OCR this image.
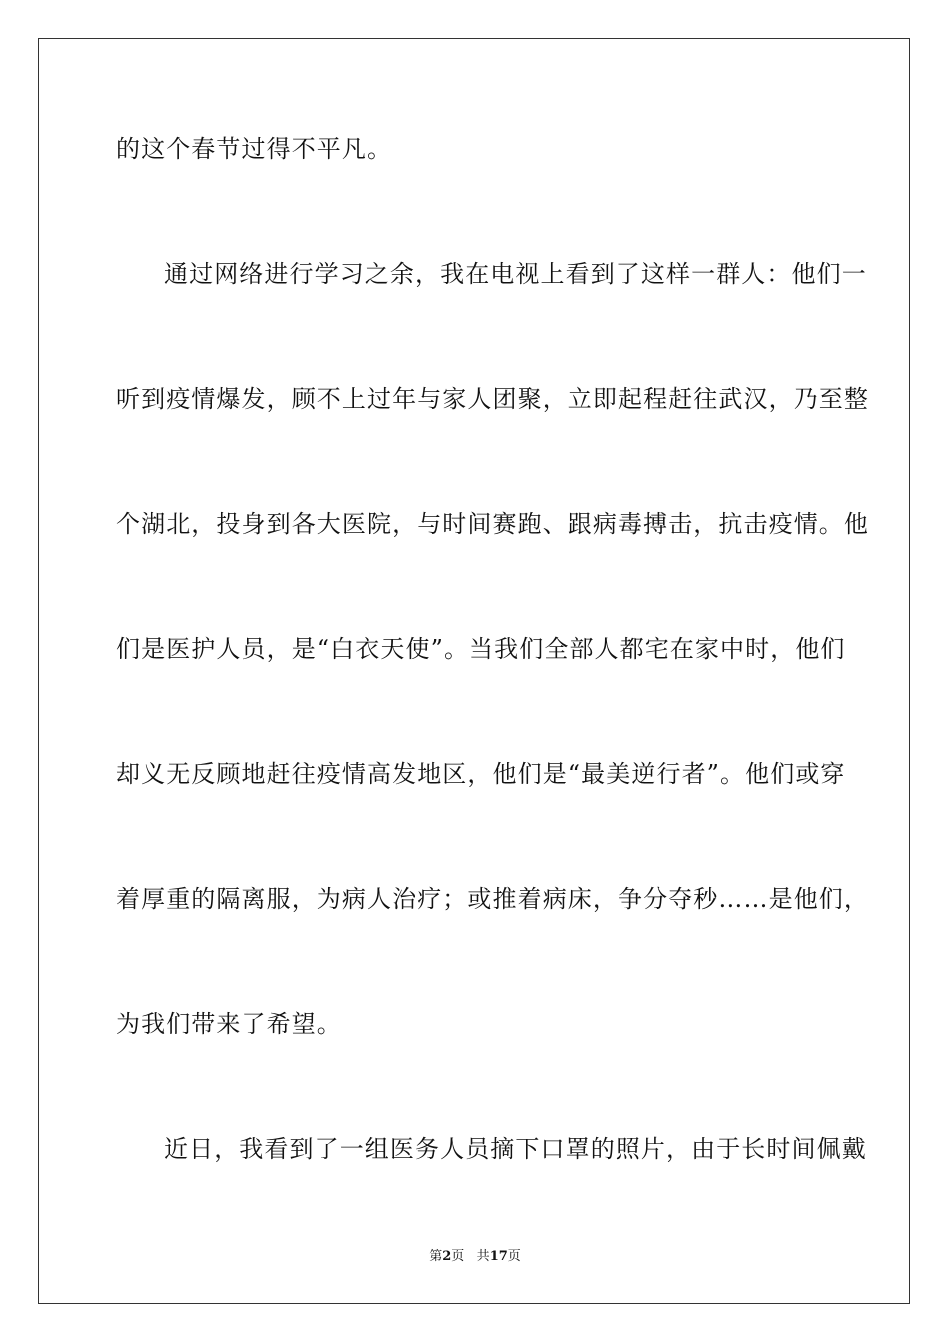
的这个春节过得不平凡。
通过网络进行学习之余，我在电视上看到了这样一群人：他们一
听到疫情爆发，顾不上过年与家人团聚，立即起程赶往武汉，乃至整
个湖北，投身到各大医院，与时间赛跑、跟病毒搏击，抗击疫情。他
们是医护人员，是“白衣天使”。当我们全部人都宅在家中时，他们
却义无反顾地赶往疫情高发地区，他们是“最美逆行者”。他们或穿
着厚重的隔离服，为病人治疗；或推着病床，争分夺秒……是他们，
为我们带来了希望。
近日，我看到了一组医务人员摘下口罩的照片，由于长时间佩戴
第2页 共17页
